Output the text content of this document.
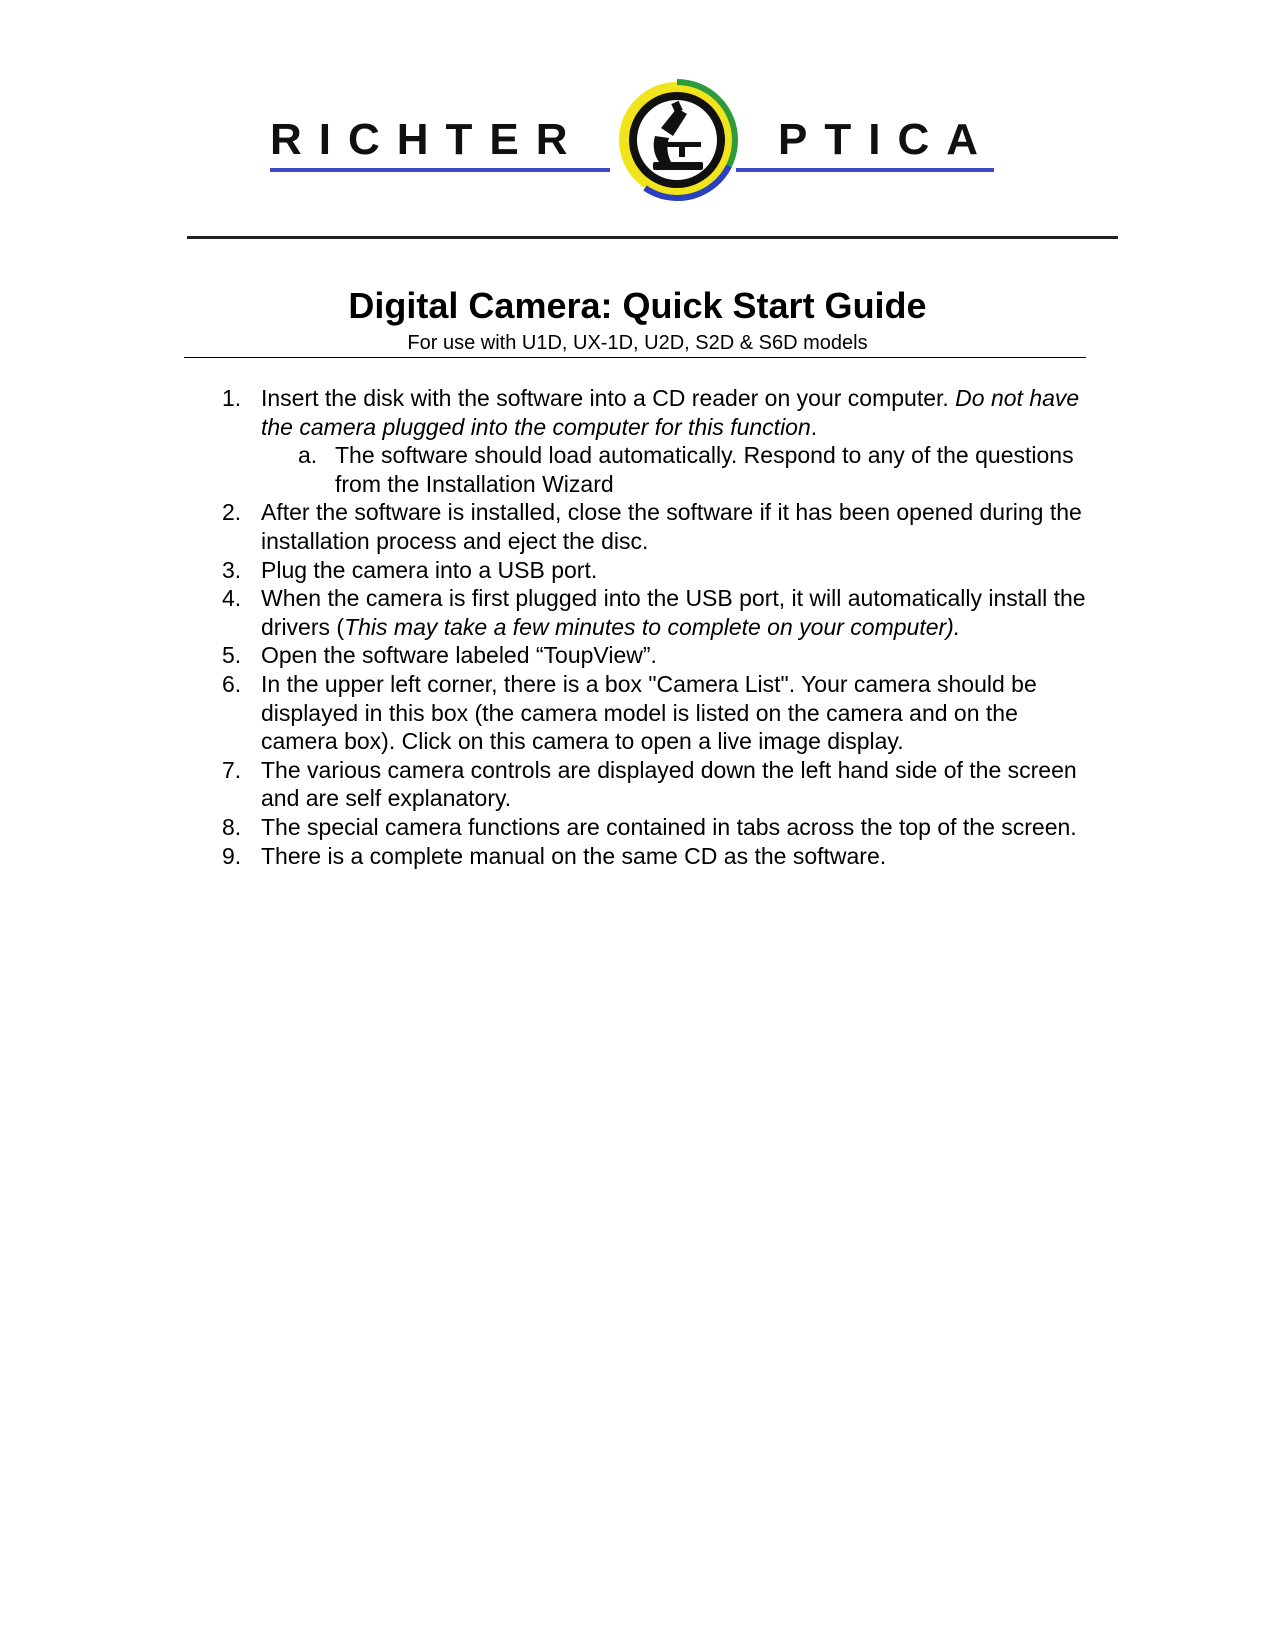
RICHTER	PTICA
Digital Camera: Quick Start Guide
For use with U1D, UX-1D, U2D, S2D & S6D models
1. Insert the disk with the software into a CD reader on your computer. Do not have the camera plugged into the computer for this function.
a. The software should load automatically. Respond to any of the questions from the Installation Wizard
2. After the software is installed, close the software if it has been opened during the installation process and eject the disc.
3. Plug the camera into a USB port.
4. When the camera is first plugged into the USB port, it will automatically install the drivers (This may take a few minutes to complete on your computer).
5. Open the software labeled “ToupView”.
6. In the upper left corner, there is a box "Camera List". Your camera should be displayed in this box (the camera model is listed on the camera and on the camera box). Click on this camera to open a live image display.
7. The various camera controls are displayed down the left hand side of the screen and are self explanatory.
8. The special camera functions are contained in tabs across the top of the screen.
9. There is a complete manual on the same CD as the software.
